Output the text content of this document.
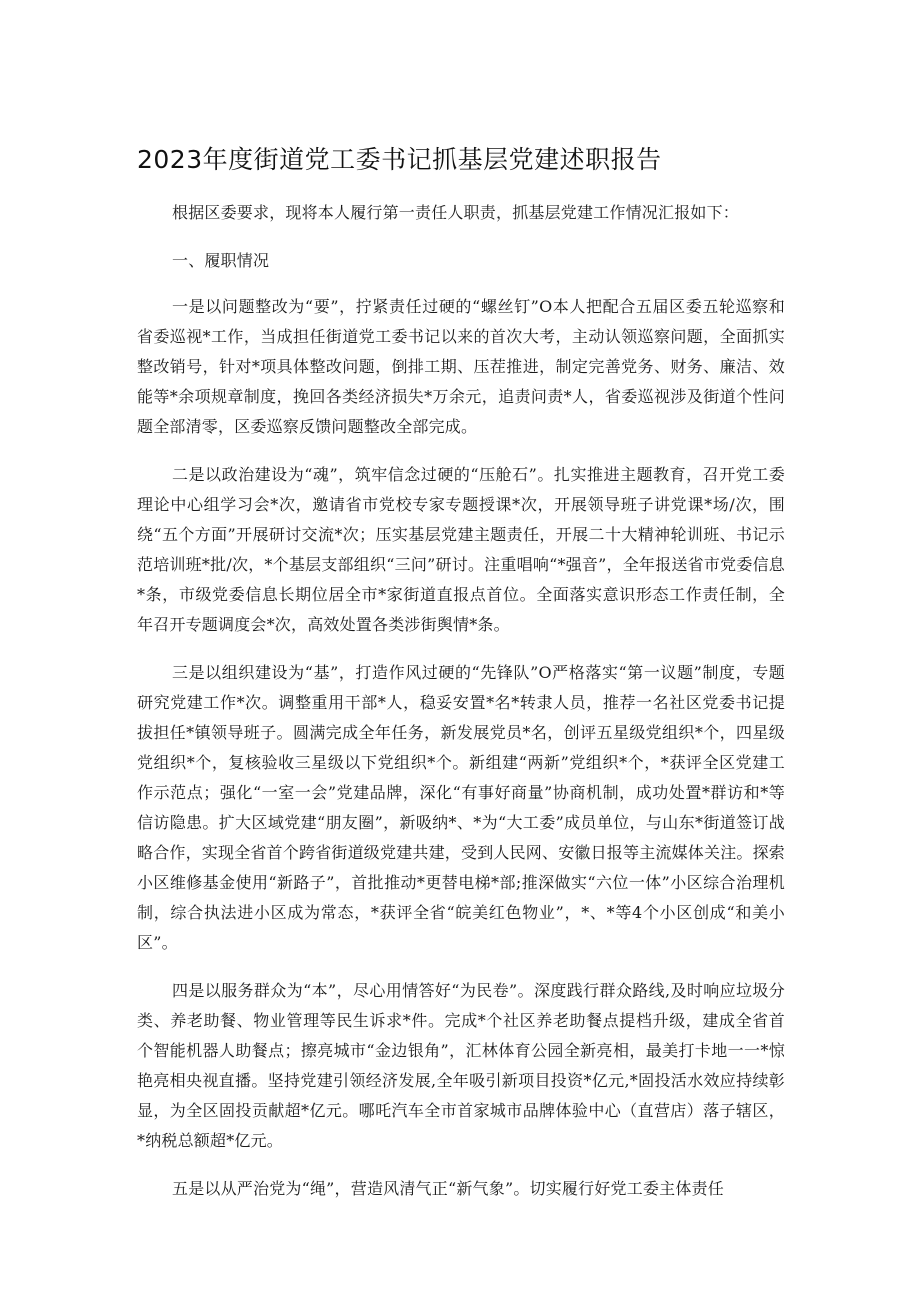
2023年度街道党工委书记抓基层党建述职报告

根据区委要求，现将本人履行第一责任人职责，抓基层党建工作情况汇报如下：

一、履职情况

一是以问题整改为“要”，拧紧责任过硬的“螺丝钉”O本人把配合五届区委五轮巡察和省委巡视*工作，当成担任街道党工委书记以来的首次大考，主动认领巡察问题，全面抓实整改销号，针对*项具体整改问题，倒排工期、压茬推进，制定完善党务、财务、廉洁、效能等*余项规章制度，挽回各类经济损失*万余元，追责问责*人，省委巡视涉及街道个性问题全部清零，区委巡察反馈问题整改全部完成。

二是以政治建设为“魂”，筑牢信念过硬的“压舱石”。扎实推进主题教育，召开党工委理论中心组学习会*次，邀请省市党校专家专题授课*次，开展领导班子讲党课*场/次，围绕“五个方面”开展研讨交流*次；压实基层党建主题责任，开展二十大精神轮训班、书记示范培训班*批/次，*个基层支部组织“三问”研讨。注重唱响“*强音”，全年报送省市党委信息*条，市级党委信息长期位居全市*家街道直报点首位。全面落实意识形态工作责任制，全年召开专题调度会*次，高效处置各类涉街舆情*条。

三是以组织建设为“基”，打造作风过硬的“先锋队”O严格落实“第一议题”制度，专题研究党建工作*次。调整重用干部*人，稳妥安置*名*转隶人员，推荐一名社区党委书记提拔担任*镇领导班子。圆满完成全年任务，新发展党员*名，创评五星级党组织*个，四星级党组织*个，复核验收三星级以下党组织*个。新组建“两新”党组织*个，*获评全区党建工作示范点；强化“一室一会”党建品牌，深化“有事好商量”协商机制，成功处置*群访和*等信访隐患。扩大区域党建“朋友圈”，新吸纳*、*为“大工委”成员单位，与山东*街道签订战略合作，实现全省首个跨省街道级党建共建，受到人民网、安徽日报等主流媒体关注。探索小区维修基金使用“新路子”，首批推动*更替电梯*部;推深做实“六位一体”小区综合治理机制，综合执法进小区成为常态，*获评全省“皖美红色物业”，*、*等4个小区创成“和美小区”。

四是以服务群众为“本”，尽心用情答好“为民卷”。深度践行群众路线,及时响应垃圾分类、养老助餐、物业管理等民生诉求*件。完成*个社区养老助餐点提档升级，建成全省首个智能机器人助餐点；擦亮城市“金边银角”，汇林体育公园全新亮相，最美打卡地一一*惊艳亮相央视直播。坚持党建引领经济发展,全年吸引新项目投资*亿元,*固投活水效应持续彰显，为全区固投贡献超*亿元。哪吒汽车全市首家城市品牌体验中心（直营店）落子辖区，*纳税总额超*亿元。

五是以从严治党为“绳”，营造风清气正“新气象”。切实履行好党工委主体责任
